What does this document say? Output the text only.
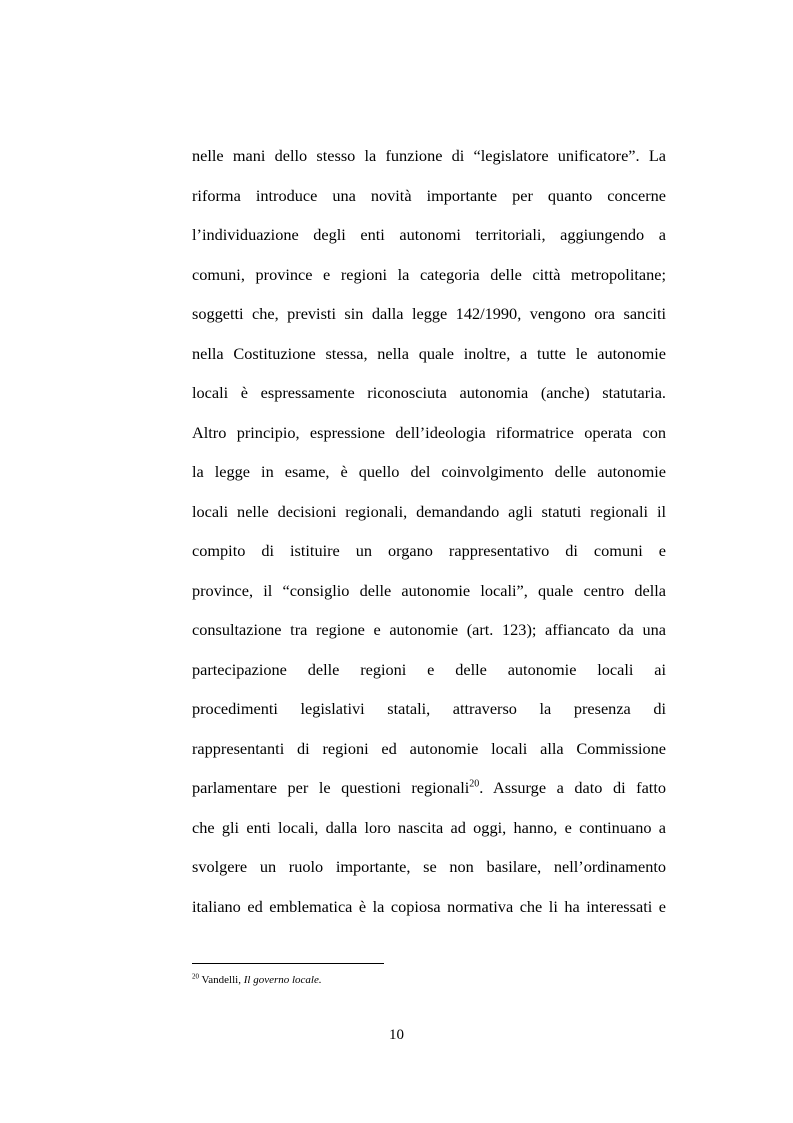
nelle mani dello stesso la funzione di “legislatore unificatore”. La
riforma introduce una novità importante per quanto concerne
l’individuazione degli enti autonomi territoriali, aggiungendo a
comuni, province e regioni la categoria delle città metropolitane;
soggetti che, previsti sin dalla legge 142/1990, vengono ora sanciti
nella Costituzione stessa, nella quale inoltre, a tutte le autonomie
locali è espressamente riconosciuta autonomia (anche) statutaria.
Altro principio, espressione dell’ideologia riformatrice operata con
la legge in esame, è quello del coinvolgimento delle autonomie
locali nelle decisioni regionali, demandando agli statuti regionali il
compito di istituire un organo rappresentativo di comuni e
province, il “consiglio delle autonomie locali”, quale centro della
consultazione tra regione e autonomie (art. 123); affiancato da una
partecipazione delle regioni e delle autonomie locali ai
procedimenti legislativi statali, attraverso la presenza di
rappresentanti di regioni ed autonomie locali alla Commissione
parlamentare per le questioni regionali$^{20}$. Assurge a dato di fatto
che gli enti locali, dalla loro nascita ad oggi, hanno, e continuano a
svolgere un ruolo importante, se non basilare, nell’ordinamento
italiano ed emblematica è la copiosa normativa che li ha interessati e
$^{20}$ Vandelli, Il governo locale.
10
